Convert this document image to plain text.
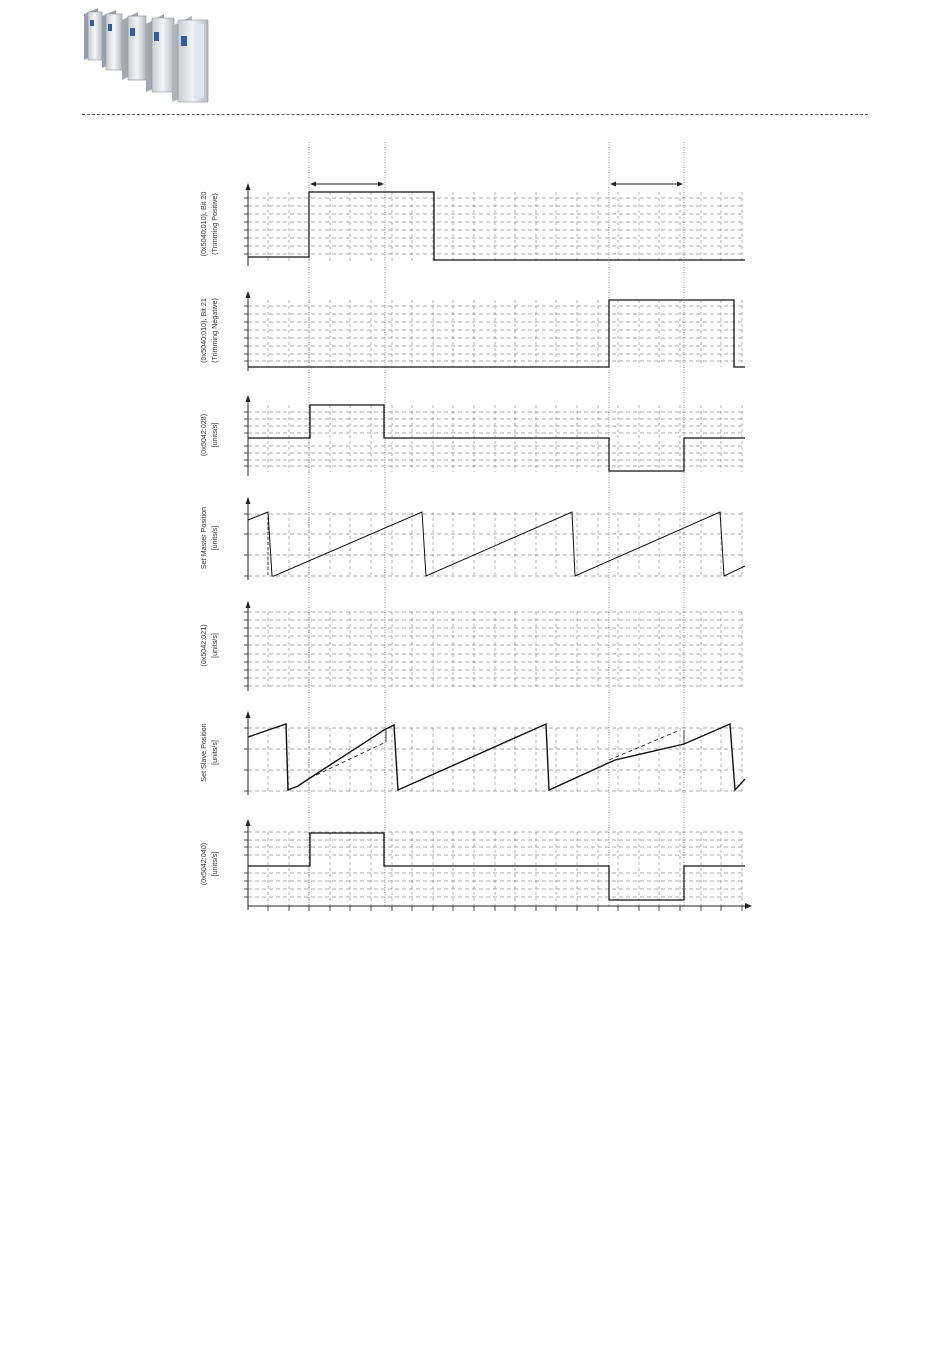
(0x5040:010), Bit 20 (Trimming Positive)
(0x5040:010), Bit 21 (Trimming Negative)
(0x5042:028) [units/s]
Set Master Position [units/s]
(0x5042:021) [units/s]
Set Slave Position [units/s]
(0x5042:040) [units/s]
